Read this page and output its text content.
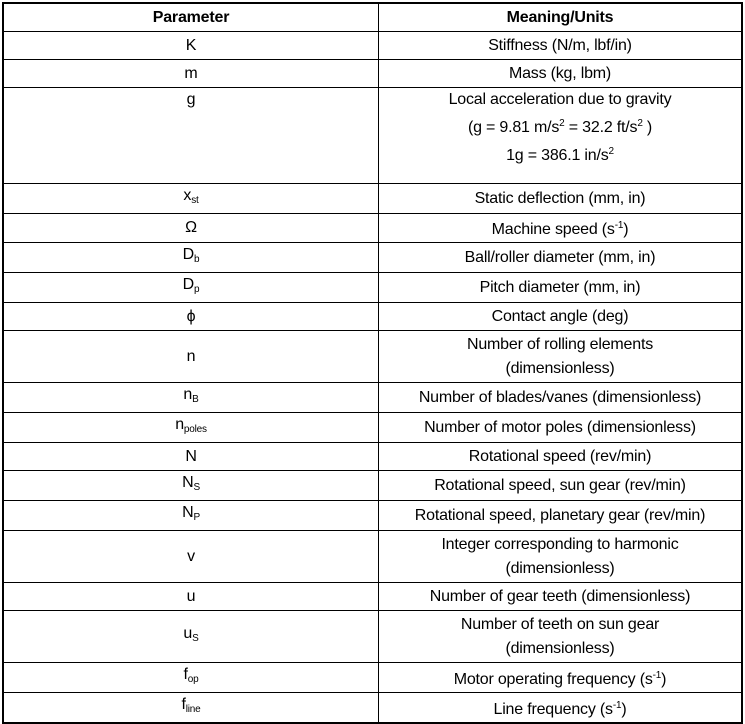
Parameter	Meaning/Units
K	Stiffness (N/m, lbf/in)

m	Mass (kg, lbm)

g	Local acceleration due to gravity
(g = 9.81 $m/s^2 = 32.2$ $ft/s^2$ )
1g = 386.1 $in/s^2$

$x_{st}$	Static deflection (mm, in)

Ω	Machine speed $(s^{-1})$

$D_b$	Ball/roller diameter (mm, in)

$D_p$	Pitch diameter (mm, in)

ϕ	Contact angle (deg)

n	Number of rolling elements
(dimensionless)

$n_B$	Number of blades/vanes (dimensionless)

$n_{poles}$	Number of motor poles (dimensionless)

N	Rotational speed (rev/min)

$N_S$	Rotational speed, sun gear (rev/min)

$N_P$	Rotational speed, planetary gear (rev/min)

v	Integer corresponding to harmonic
(dimensionless)

u	Number of gear teeth (dimensionless)

$u_S$	Number of teeth on sun gear
(dimensionless)

$f_{op}$	Motor operating frequency $(s^{-1})$

$f_{line}$	Line frequency $(s^{-1})$
